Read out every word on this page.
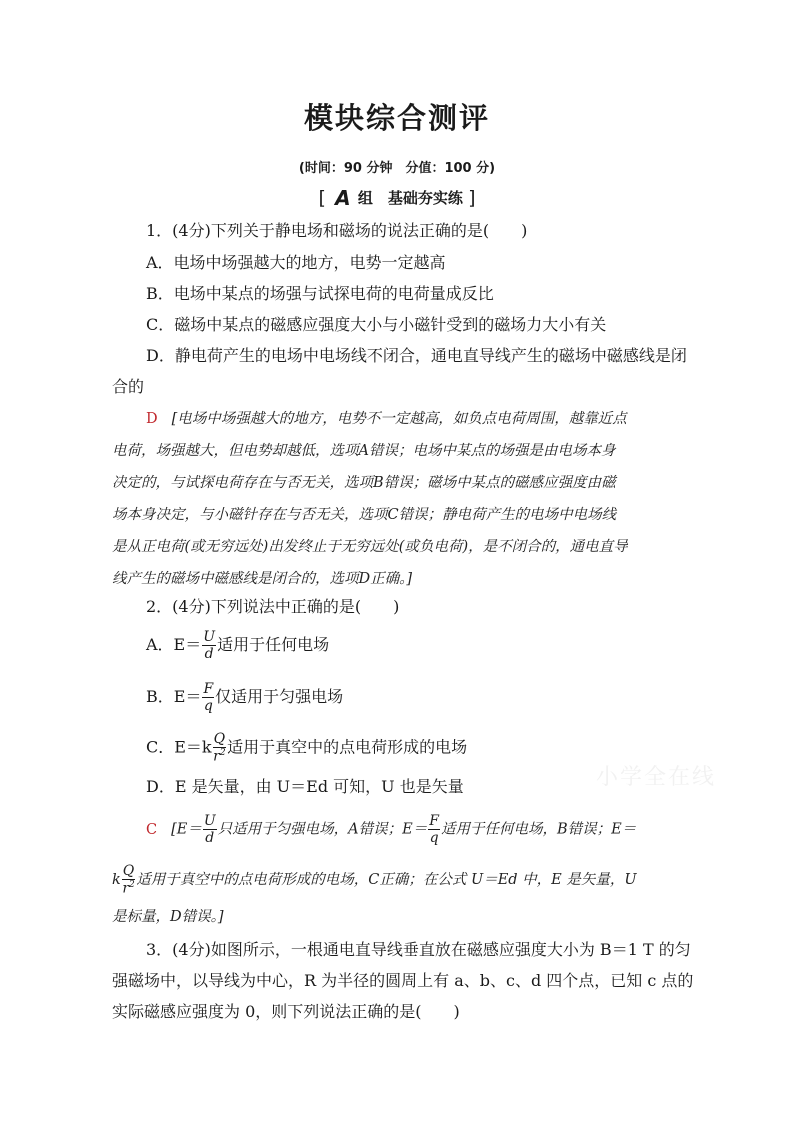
模块综合测评
(时间：90 分钟　分值：100 分)
[ A 组　基础夯实练 ]
1．(4分)下列关于静电场和磁场的说法正确的是(　　)
A．电场中场强越大的地方，电势一定越高
B．电场中某点的场强与试探电荷的电荷量成反比
C．磁场中某点的磁感应强度大小与小磁针受到的磁场力大小有关
D．静电荷产生的电场中电场线不闭合，通电直导线产生的磁场中磁感线是闭
合的
D [电场中场强越大的地方，电势不一定越高，如负点电荷周围，越靠近点
电荷，场强越大，但电势却越低，选项A错误；电场中某点的场强是由电场本身
决定的，与试探电荷存在与否无关，选项B错误；磁场中某点的磁感应强度由磁
场本身决定，与小磁针存在与否无关，选项C错误；静电荷产生的电场中电场线
是从正电荷(或无穷远处)出发终止于无穷远处(或负电荷)，是不闭合的，通电直导
线产生的磁场中磁感线是闭合的，选项D正确。]
2．(4分)下列说法中正确的是(　　)
A．$E= \frac{U}{d}$ 适用于任何电场
B．$E= \frac{F}{q}$ 仅适用于匀强电场
C．$E=k \frac{Q}{r^2}$ 适用于真空中的点电荷形成的电场
D．E 是矢量，由 U＝Ed 可知，U 也是矢量
C [$E= \frac{U}{d}$ 只适用于匀强电场，A错误；$E= \frac{F}{q}$ 适用于任何电场，B错误；E＝
k $\frac{Q}{r^2}$ 适用于真空中的点电荷形成的电场，C正确；在公式 U＝Ed 中，E 是矢量，U
是标量，D错误。]
3．(4分)如图所示，一根通电直导线垂直放在磁感应强度大小为 B＝1 T 的匀
强磁场中，以导线为中心，R 为半径的圆周上有 a、b、c、d 四个点，已知 c 点的
实际磁感应强度为 0，则下列说法正确的是(　　)
小学全在线
